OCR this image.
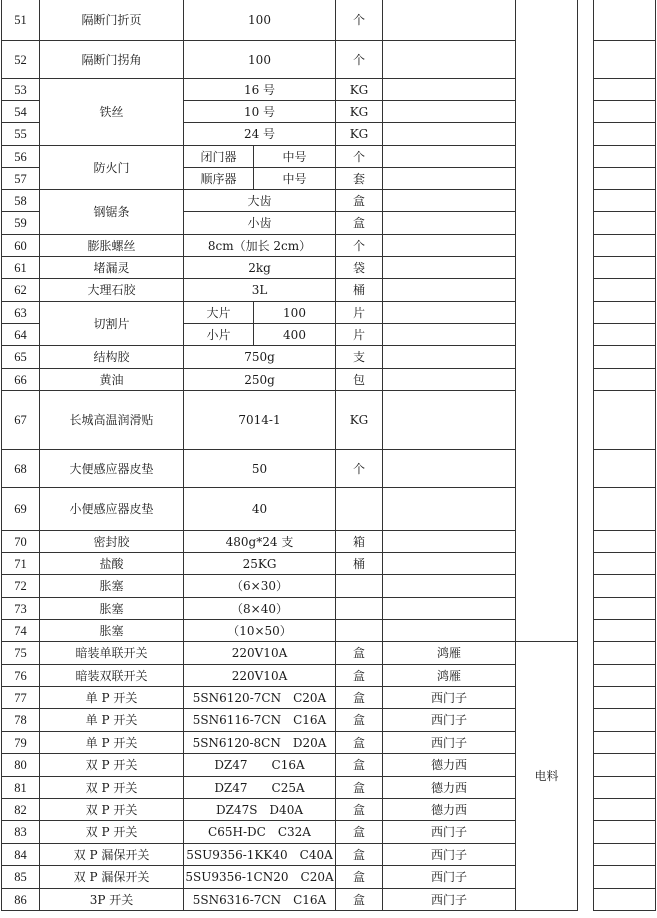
51	隔断门折页	100		个				
52	隔断门拐角	100		个				
53	铁丝	16 号		KG				
54		10 号		KG				
55		24 号		KG				
56	防火门	闭门器	中号	个				
57		顺序器	中号	套				
58	钢锯条	大齿		盒				
59		小齿		盒				
60	膨胀螺丝	8cm（加长 2cm）		个				
61	堵漏灵	2kg		袋				
62	大理石胶	3L		桶				
63	切割片	大片	100	片				
64		小片	400	片				
65	结构胶	750g		支				
66	黄油	250g		包				
67	长城高温润滑贴	7014-1		KG				
68	大便感应器皮垫	50		个				
69	小便感应器皮垫	40						
70	密封胶	480g*24 支		箱				
71	盐酸	25KG		桶				
72	胀塞	（6×30）						
73	胀塞	（8×40）						
74	胀塞	（10×50）						
75	暗装单联开关	220V10A		盒	鸿雁	电料		
76	暗装双联开关	220V10A		盒	鸿雁			
77	单 P 开关	5SN6120-7CN　C20A		盒	西门子			
78	单 P 开关	5SN6116-7CN　C16A		盒	西门子			
79	单 P 开关	5SN6120-8CN　D20A		盒	西门子			
80	双 P 开关	DZ47　　C16A		盒	德力西			
81	双 P 开关	DZ47　　C25A		盒	德力西			
82	双 P 开关	DZ47S　D40A		盒	德力西			
83	双 P 开关	C65H-DC　C32A		盒	西门子			
84	双 P 漏保开关	5SU9356-1KK40　C40A		盒	西门子			
85	双 P 漏保开关	5SU9356-1CN20　C20A		盒	西门子			
86	3P 开关	5SN6316-7CN　C16A		盒	西门子			
